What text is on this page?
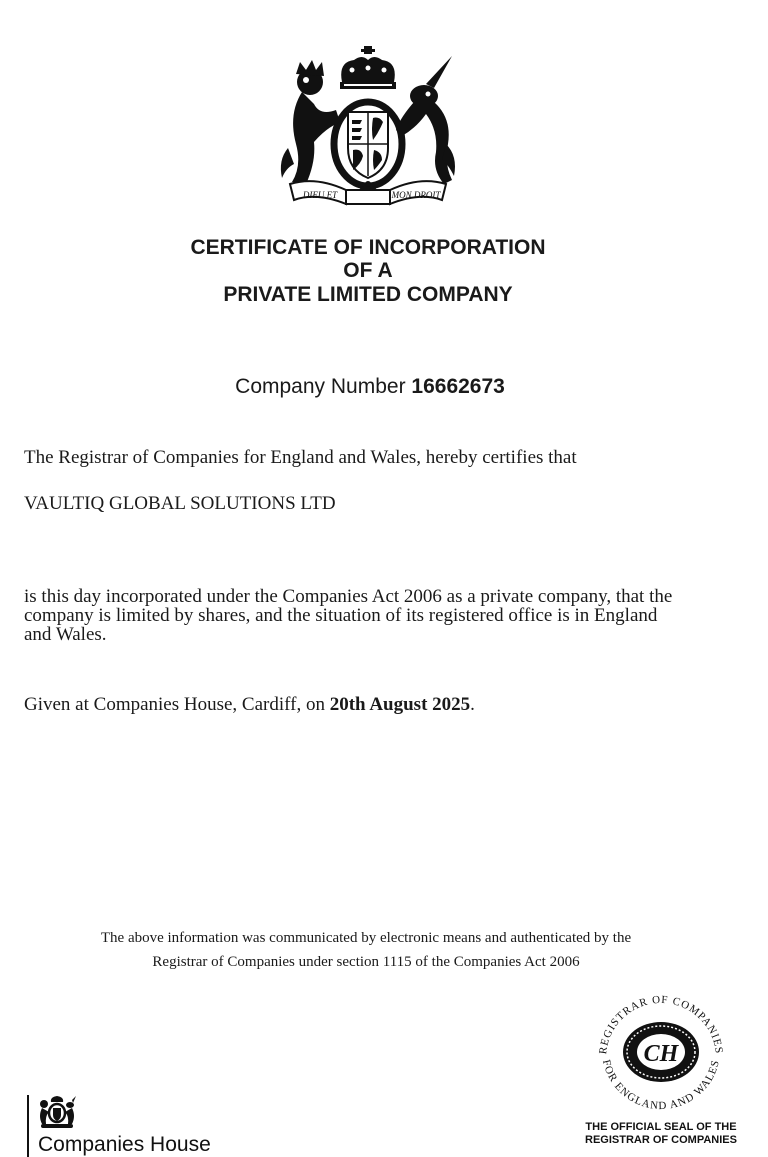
DIEU ET	MON DROIT
CERTIFICATE OF INCORPORATION
OF A
PRIVATE LIMITED COMPANY
Company Number 16662673
The Registrar of Companies for England and Wales, hereby certifies that
VAULTIQ GLOBAL SOLUTIONS LTD
is this day incorporated under the Companies Act 2006 as a private company, that the
company is limited by shares, and the situation of its registered office is in England
and Wales.
Given at Companies House, Cardiff, on 20th August 2025.
The above information was communicated by electronic means and authenticated by the
Registrar of Companies under section 1115 of the Companies Act 2006
REGISTRAR OF COMPANIES
FOR ENGLAND AND WALES
CH
THE OFFICIAL SEAL OF THE
REGISTRAR OF COMPANIES
Companies House
